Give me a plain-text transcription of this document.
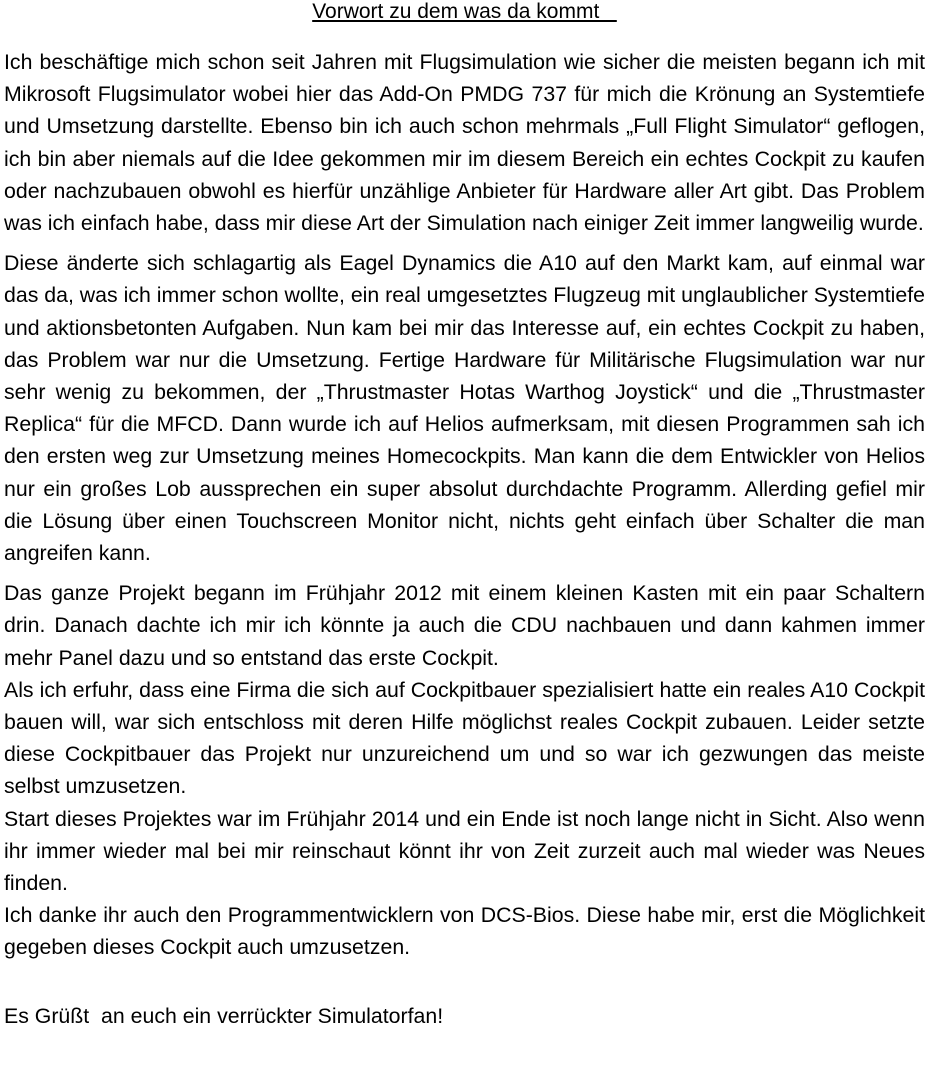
Vorwort zu dem was da kommt

Ich beschäftige mich schon seit Jahren mit Flugsimulation wie sicher die meisten begann ich mit Mikrosoft Flugsimulator wobei hier das Add-On PMDG 737 für mich die Krönung an Systemtiefe und Umsetzung darstellte. Ebenso bin ich auch schon mehrmals „Full Flight Simulator“ geflogen, ich bin aber niemals auf die Idee gekommen mir im diesem Bereich ein echtes Cockpit zu kaufen oder nachzubauen obwohl es hierfür unzählige Anbieter für Hardware aller Art gibt. Das Problem was ich einfach habe, dass mir diese Art der Simulation nach einiger Zeit immer langweilig wurde.

Diese änderte sich schlagartig als Eagel Dynamics die A10 auf den Markt kam, auf einmal war das da, was ich immer schon wollte, ein real umgesetztes Flugzeug mit unglaublicher Systemtiefe und aktionsbetonten Aufgaben. Nun kam bei mir das Interesse auf, ein echtes Cockpit zu haben, das Problem war nur die Umsetzung. Fertige Hardware für Militärische Flugsimulation war nur sehr wenig zu bekommen, der „Thrustmaster Hotas Warthog Joystick“ und die „Thrustmaster Replica“ für die MFCD. Dann wurde ich auf Helios aufmerksam, mit diesen Programmen sah ich den ersten weg zur Umsetzung meines Homecockpits. Man kann die dem Entwickler von Helios nur ein großes Lob aussprechen ein super absolut durchdachte Programm. Allerding gefiel mir die Lösung über einen Touchscreen Monitor nicht, nichts geht einfach über Schalter die man angreifen kann.

Das ganze Projekt begann im Frühjahr 2012 mit einem kleinen Kasten mit ein paar Schaltern drin. Danach dachte ich mir ich könnte ja auch die CDU nachbauen und dann kahmen immer mehr Panel dazu und so entstand das erste Cockpit.

Als ich erfuhr, dass eine Firma die sich auf Cockpitbauer spezialisiert hatte ein reales A10 Cockpit bauen will, war sich entschloss mit deren Hilfe möglichst reales Cockpit zubauen. Leider setzte diese Cockpitbauer das Projekt nur unzureichend um und so war ich gezwungen das meiste selbst umzusetzen.

Start dieses Projektes war im Frühjahr 2014 und ein Ende ist noch lange nicht in Sicht. Also wenn ihr immer wieder mal bei mir reinschaut könnt ihr von Zeit zurzeit auch mal wieder was Neues finden.

Ich danke ihr auch den Programmentwicklern von DCS-Bios. Diese habe mir, erst die Möglichkeit gegeben dieses Cockpit auch umzusetzen.

Es Grüßt  an euch ein verrückter Simulatorfan!
